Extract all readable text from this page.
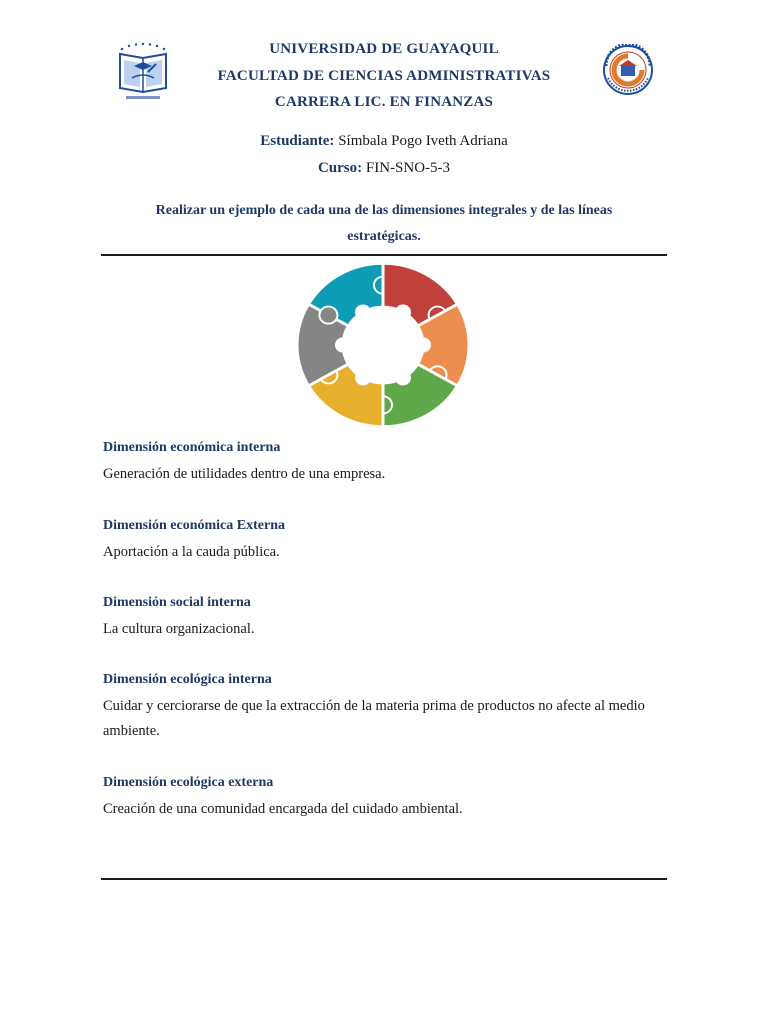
UNIVERSIDAD DE GUAYAQUIL
FACULTAD DE CIENCIAS ADMINISTRATIVAS
CARRERA LIC. EN FINANZAS
Estudiante: Símbala Pogo Iveth Adriana
Curso: FIN-SNO-5-3
Realizar un ejemplo de cada una de las dimensiones integrales y de las líneas
estratégicas.
Dimensión económica interna
Generación de utilidades dentro de una empresa.
Dimensión económica Externa
Aportación a la cauda pública.
Dimensión social interna
La cultura organizacional.
Dimensión ecológica interna
Cuidar y cerciorarse de que la extracción de la materia prima de productos no afecte al medio ambiente.
Dimensión ecológica externa
Creación de una comunidad encargada del cuidado ambiental.
